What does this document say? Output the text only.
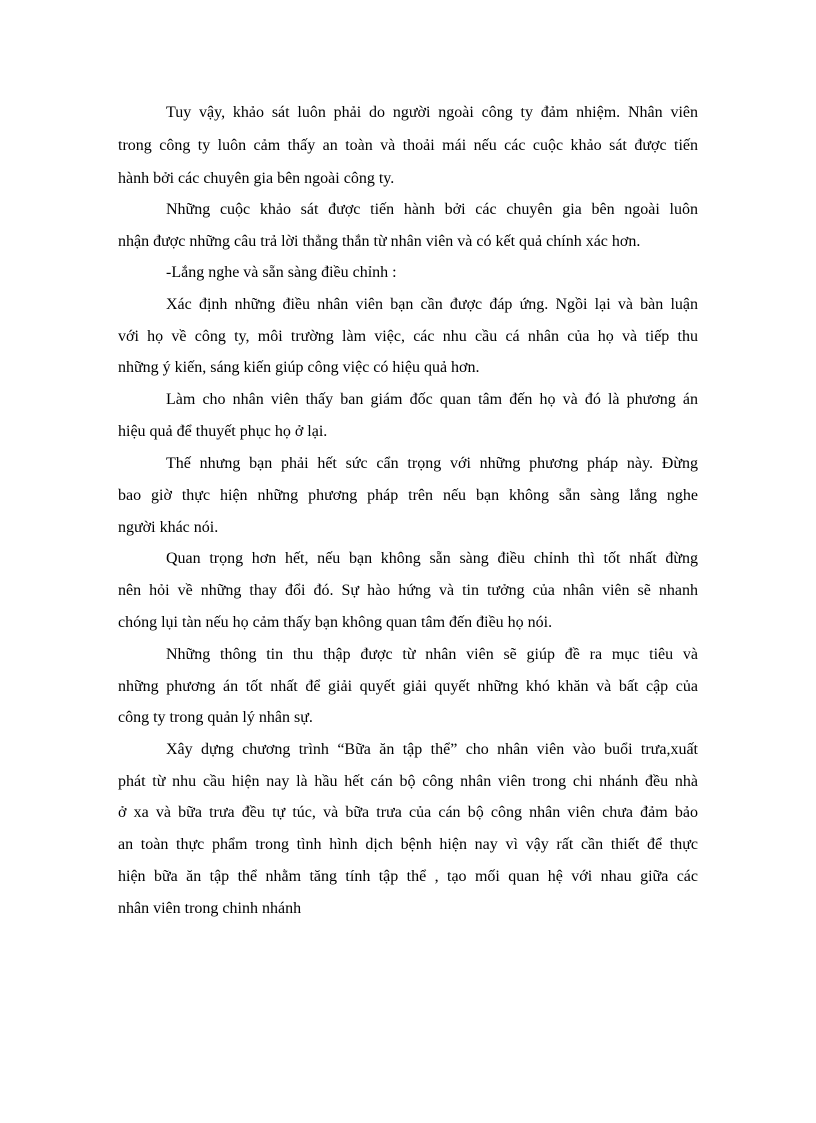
Tuy vậy, khảo sát luôn phải do người ngoài công ty đảm nhiệm. Nhân viên
trong công ty luôn cảm thấy an toàn và thoải mái nếu các cuộc khảo sát được tiến
hành bởi các chuyên gia bên ngoài công ty.
Những cuộc khảo sát được tiến hành bởi các chuyên gia bên ngoài luôn
nhận được những câu trả lời thẳng thắn từ nhân viên và có kết quả chính xác hơn.
-Lắng nghe và sẵn sàng điều chỉnh :
Xác định những điều nhân viên bạn cần được đáp ứng. Ngồi lại và bàn luận
với họ về công ty, môi trường làm việc, các nhu cầu cá nhân của họ và tiếp thu
những ý kiến, sáng kiến giúp công việc có hiệu quả hơn.
Làm cho nhân viên thấy ban giám đốc quan tâm đến họ và đó là phương án
hiệu quả để thuyết phục họ ở lại.
Thế nhưng bạn phải hết sức cẩn trọng với những phương pháp này. Đừng
bao giờ thực hiện những phương pháp trên nếu bạn không sẵn sàng lắng nghe
người khác nói.
Quan trọng hơn hết, nếu bạn không sẵn sàng điều chỉnh thì tốt nhất đừng
nên hỏi về những thay đổi đó. Sự hào hứng và tin tưởng của nhân viên sẽ nhanh
chóng lụi tàn nếu họ cảm thấy bạn không quan tâm đến điều họ nói.
Những thông tin thu thập được từ nhân viên sẽ giúp đề ra mục tiêu và
những phương án tốt nhất để giải quyết giải quyết những khó khăn và bất cập của
công ty trong quản lý nhân sự.
Xây dựng chương trình “Bữa ăn tập thể” cho nhân viên vào buổi trưa,xuất
phát từ nhu cầu hiện nay là hầu hết cán bộ công nhân viên trong chi nhánh đều nhà
ở xa và bữa trưa đều tự túc, và bữa trưa của cán bộ công nhân viên chưa đảm bảo
an toàn thực phẩm trong tình hình dịch bệnh hiện nay vì vậy rất cần thiết để thực
hiện bữa ăn tập thể nhằm tăng tính tập thể , tạo mối quan hệ với nhau giữa các
nhân viên trong chinh nhánh
